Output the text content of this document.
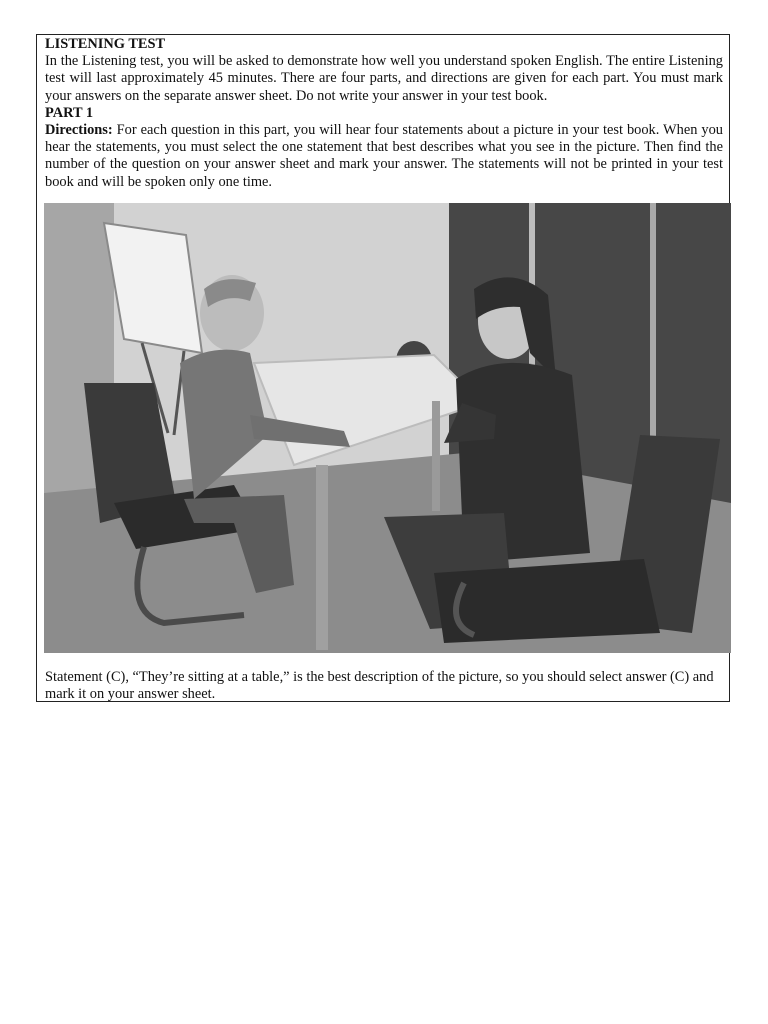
LISTENING TEST

In the Listening test, you will be asked to demonstrate how well you understand spoken English. The entire Listening test will last approximately 45 minutes. There are four parts, and directions are given for each part. You must mark your answers on the separate answer sheet. Do not write your answer in your test book.

PART 1

Directions: For each question in this part, you will hear four statements about a picture in your test book. When you hear the statements, you must select the one statement that best describes what you see in the picture. Then find the number of the question on your answer sheet and mark your answer. The statements will not be printed in your test book and will be spoken only one time.

Statement (C), “They’re sitting at a table,” is the best description of the picture, so you should select answer (C) and mark it on your answer sheet.
